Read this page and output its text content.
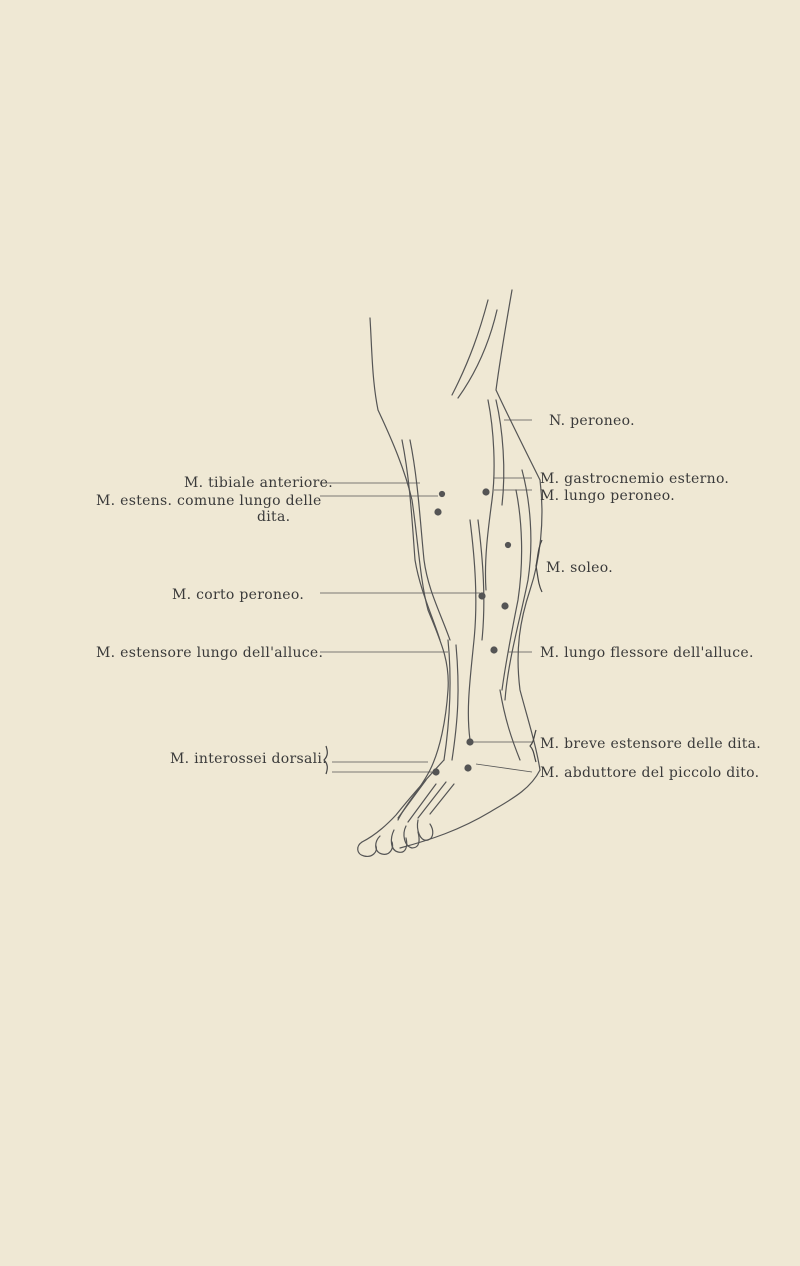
M. tibiale anteriore.
M. estens. comune lungo delle
dita.
M. corto peroneo.
M. estensore lungo dell'alluce.
M. interossei dorsali.
N. peroneo.
M. gastrocnemio esterno.
M. lungo peroneo.
M. soleo.
M. lungo flessore dell'alluce.
M. breve estensore delle dita.
M. abduttore del piccolo dito.
